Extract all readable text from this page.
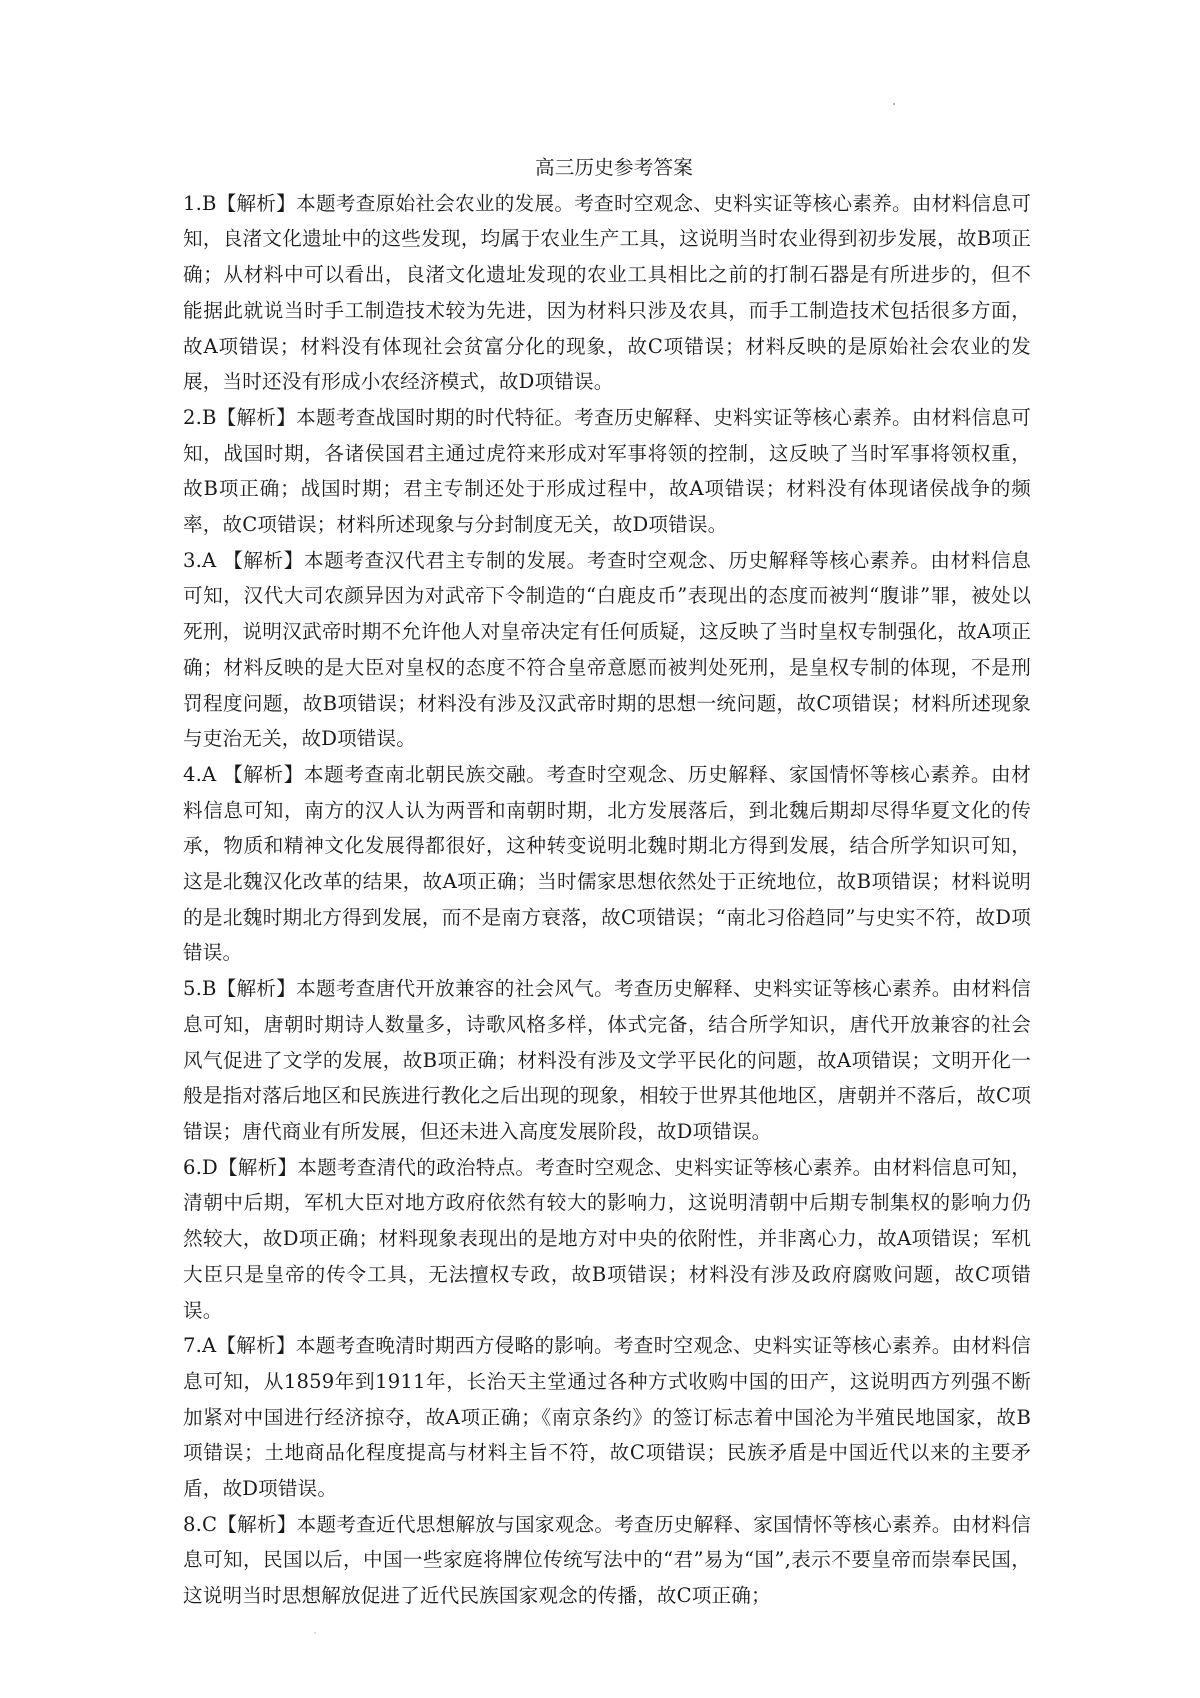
高三历史参考答案

1.B【解析】本题考查原始社会农业的发展。考查时空观念、史料实证等核心素养。由材料信息可知，良渚文化遗址中的这些发现，均属于农业生产工具，这说明当时农业得到初步发展，故B项正确；从材料中可以看出，良渚文化遗址发现的农业工具相比之前的打制石器是有所进步的，但不能据此就说当时手工制造技术较为先进，因为材料只涉及农具，而手工制造技术包括很多方面，故A项错误；材料没有体现社会贫富分化的现象，故C项错误；材料反映的是原始社会农业的发展，当时还没有形成小农经济模式，故D项错误。

2.B【解析】本题考查战国时期的时代特征。考查历史解释、史料实证等核心素养。由材料信息可知，战国时期，各诸侯国君主通过虎符来形成对军事将领的控制，这反映了当时军事将领权重，故B项正确；战国时期；君主专制还处于形成过程中，故A项错误；材料没有体现诸侯战争的频率，故C项错误；材料所述现象与分封制度无关，故D项错误。

3.A 【解析】本题考查汉代君主专制的发展。考查时空观念、历史解释等核心素养。由材料信息可知，汉代大司农颜异因为对武帝下令制造的“白鹿皮币”表现出的态度而被判“腹诽”罪，被处以死刑，说明汉武帝时期不允许他人对皇帝决定有任何质疑，这反映了当时皇权专制强化，故A项正确；材料反映的是大臣对皇权的态度不符合皇帝意愿而被判处死刑，是皇权专制的体现，不是刑罚程度问题，故B项错误；材料没有涉及汉武帝时期的思想一统问题，故C项错误；材料所述现象与吏治无关，故D项错误。

4.A 【解析】本题考查南北朝民族交融。考查时空观念、历史解释、家国情怀等核心素养。由材料信息可知，南方的汉人认为两晋和南朝时期，北方发展落后，到北魏后期却尽得华夏文化的传承，物质和精神文化发展得都很好，这种转变说明北魏时期北方得到发展，结合所学知识可知，这是北魏汉化改革的结果，故A项正确；当时儒家思想依然处于正统地位，故B项错误；材料说明的是北魏时期北方得到发展，而不是南方衰落，故C项错误；“南北习俗趋同”与史实不符，故D项错误。

5.B【解析】本题考查唐代开放兼容的社会风气。考查历史解释、史料实证等核心素养。由材料信息可知，唐朝时期诗人数量多，诗歌风格多样，体式完备，结合所学知识，唐代开放兼容的社会风气促进了文学的发展，故B项正确；材料没有涉及文学平民化的问题，故A项错误；文明开化一般是指对落后地区和民族进行教化之后出现的现象，相较于世界其他地区，唐朝并不落后，故C项错误；唐代商业有所发展，但还未进入高度发展阶段，故D项错误。

6.D【解析】本题考查清代的政治特点。考查时空观念、史料实证等核心素养。由材料信息可知，清朝中后期，军机大臣对地方政府依然有较大的影响力，这说明清朝中后期专制集权的影响力仍然较大，故D项正确；材料现象表现出的是地方对中央的依附性，并非离心力，故A项错误；军机大臣只是皇帝的传令工具，无法擅权专政，故B项错误；材料没有涉及政府腐败问题，故C项错误。

7.A【解析】本题考查晚清时期西方侵略的影响。考查时空观念、史料实证等核心素养。由材料信息可知，从1859年到1911年，长治天主堂通过各种方式收购中国的田产，这说明西方列强不断加紧对中国进行经济掠夺，故A项正确；《南京条约》的签订标志着中国沦为半殖民地国家，故B项错误；土地商品化程度提高与材料主旨不符，故C项错误；民族矛盾是中国近代以来的主要矛盾，故D项错误。

8.C【解析】本题考查近代思想解放与国家观念。考查历史解释、家国情怀等核心素养。由材料信息可知，民国以后，中国一些家庭将牌位传统写法中的“君”易为“国”,表示不要皇帝而崇奉民国，这说明当时思想解放促进了近代民族国家观念的传播，故C项正确；
